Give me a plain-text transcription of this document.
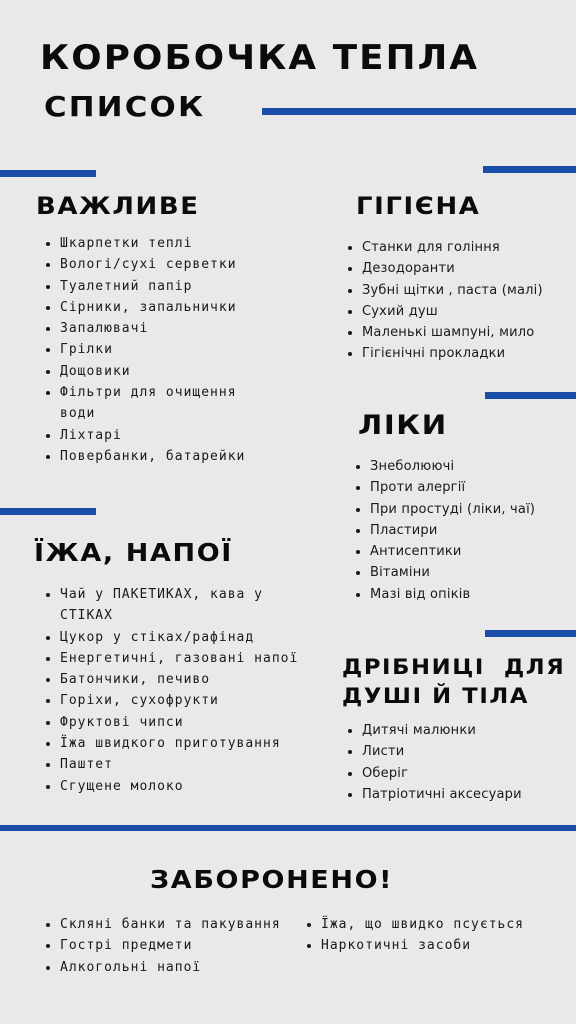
КОРОБОЧКА ТЕПЛА
СПИСОК
ВАЖЛИВЕ
Шкарпетки теплі
Вологі/сухі серветки
Туалетний папір
Сірники, запальнички
Запалювачі
Грілки
Дощовики
Фільтри для очищення
води
Ліхтарі
Повербанки, батарейки
ГІГІЄНА
Станки для гоління
Дезодоранти
Зубні щітки , паста (малі)
Сухий душ
Маленькі шампуні, мило
Гігієнічні прокладки
ЛІКИ
Знеболюючі
Проти алергії
При простуді (ліки, чаї)
Пластири
Антисептики
Вітаміни
Мазі від опіків
ЇЖА, НАПОЇ
Чай у ПАКЕТИКАХ, кава у
СТІКАХ
Цукор у стіках/рафінад
Енергетичні, газовані напої
Батончики, печиво
Горіхи, сухофрукти
Фруктові чипси
Їжа швидкого приготування
Паштет
Сгущене молоко
ДРІБНИЦІ  ДЛЯ
ДУШІ Й ТІЛА
Дитячі малюнки
Листи
Оберіг
Патріотичні аксесуари
ЗАБОРОНЕНО!
Скляні банки та пакування
Гострі предмети
Алкогольні напої
Їжа, що швидко псується
Наркотичні засоби
